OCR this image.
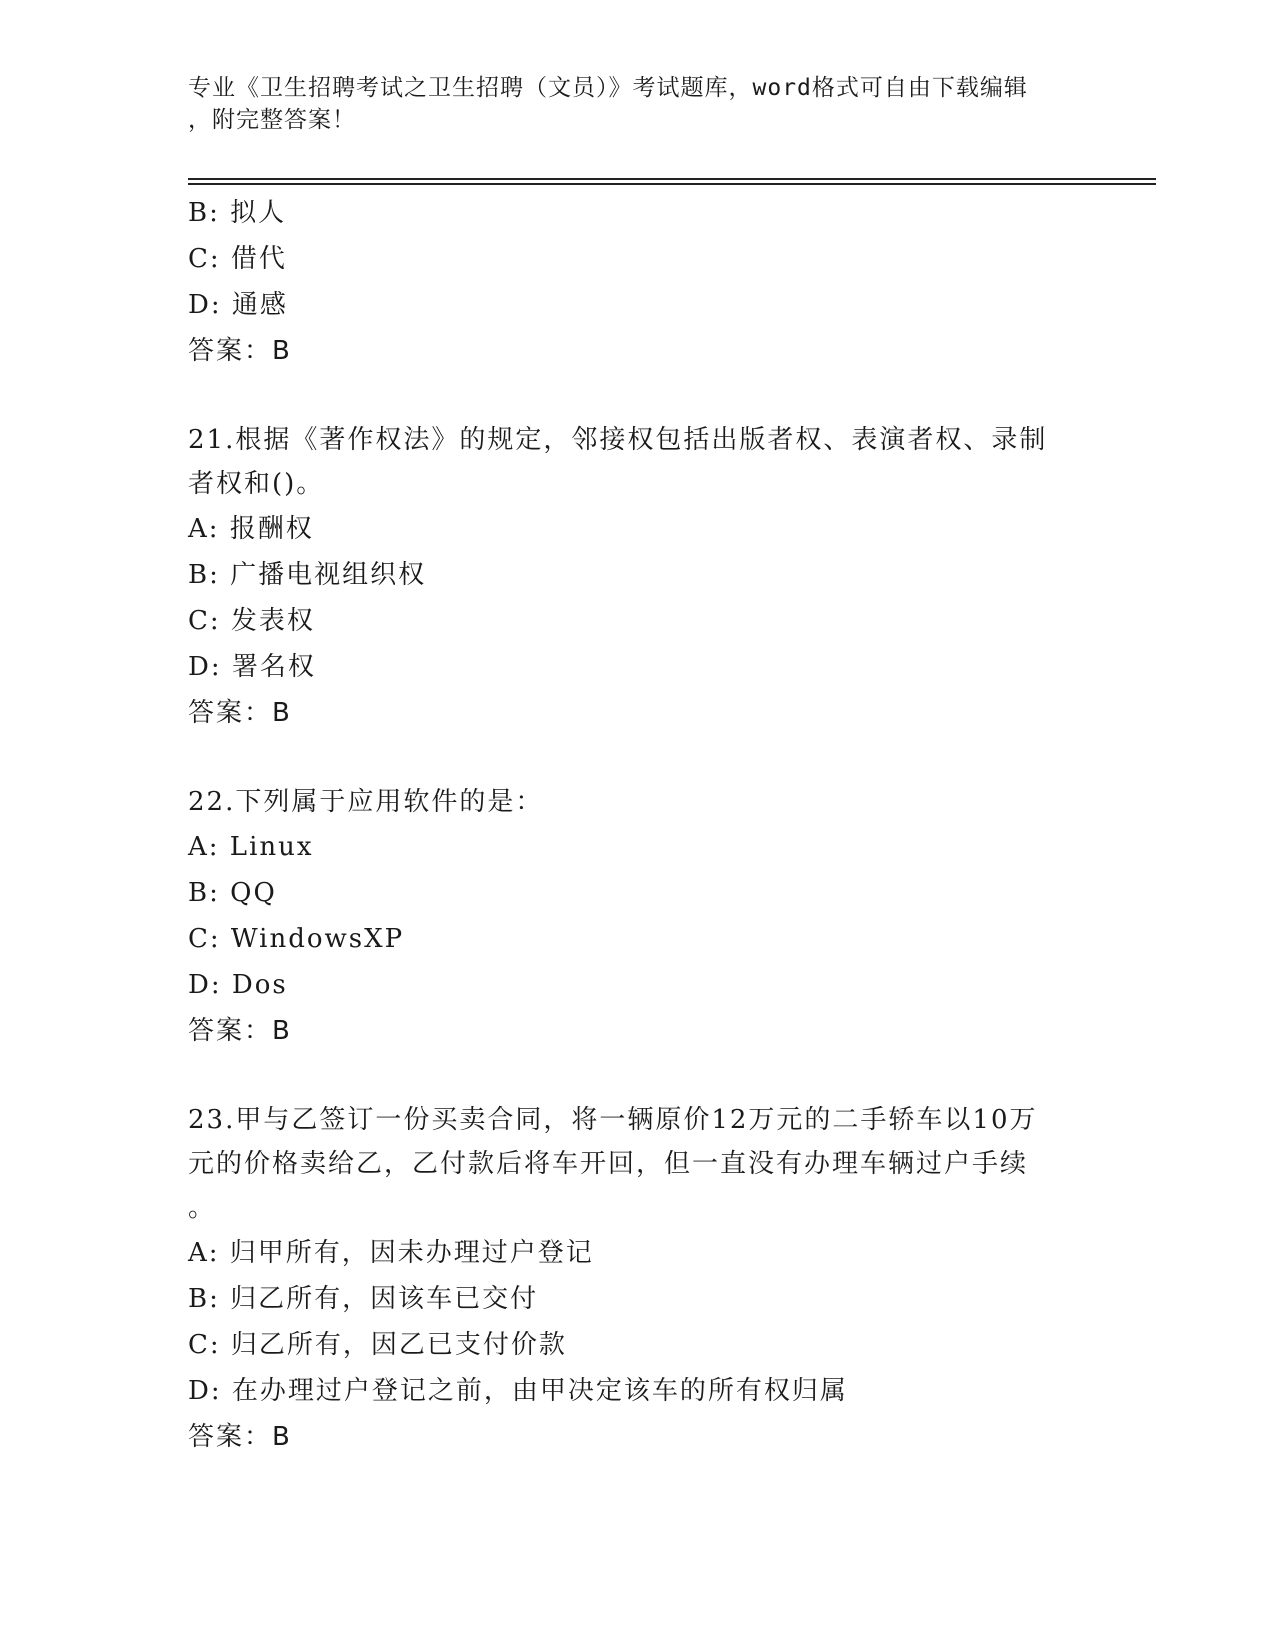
专业《卫生招聘考试之卫生招聘（文员）》考试题库，word格式可自由下载编辑
，附完整答案！
B: 拟人
C: 借代
D: 通感
答案：B
21.根据《著作权法》的规定，邻接权包括出版者权、表演者权、录制
者权和()。
A: 报酬权
B: 广播电视组织权
C: 发表权
D: 署名权
答案：B
22.下列属于应用软件的是：
A: Linux
B: QQ
C: WindowsXP
D: Dos
答案：B
23.甲与乙签订一份买卖合同，将一辆原价12万元的二手轿车以10万
元的价格卖给乙，乙付款后将车开回，但一直没有办理车辆过户手续
。
A: 归甲所有，因未办理过户登记
B: 归乙所有，因该车已交付
C: 归乙所有，因乙已支付价款
D: 在办理过户登记之前，由甲决定该车的所有权归属
答案：B
